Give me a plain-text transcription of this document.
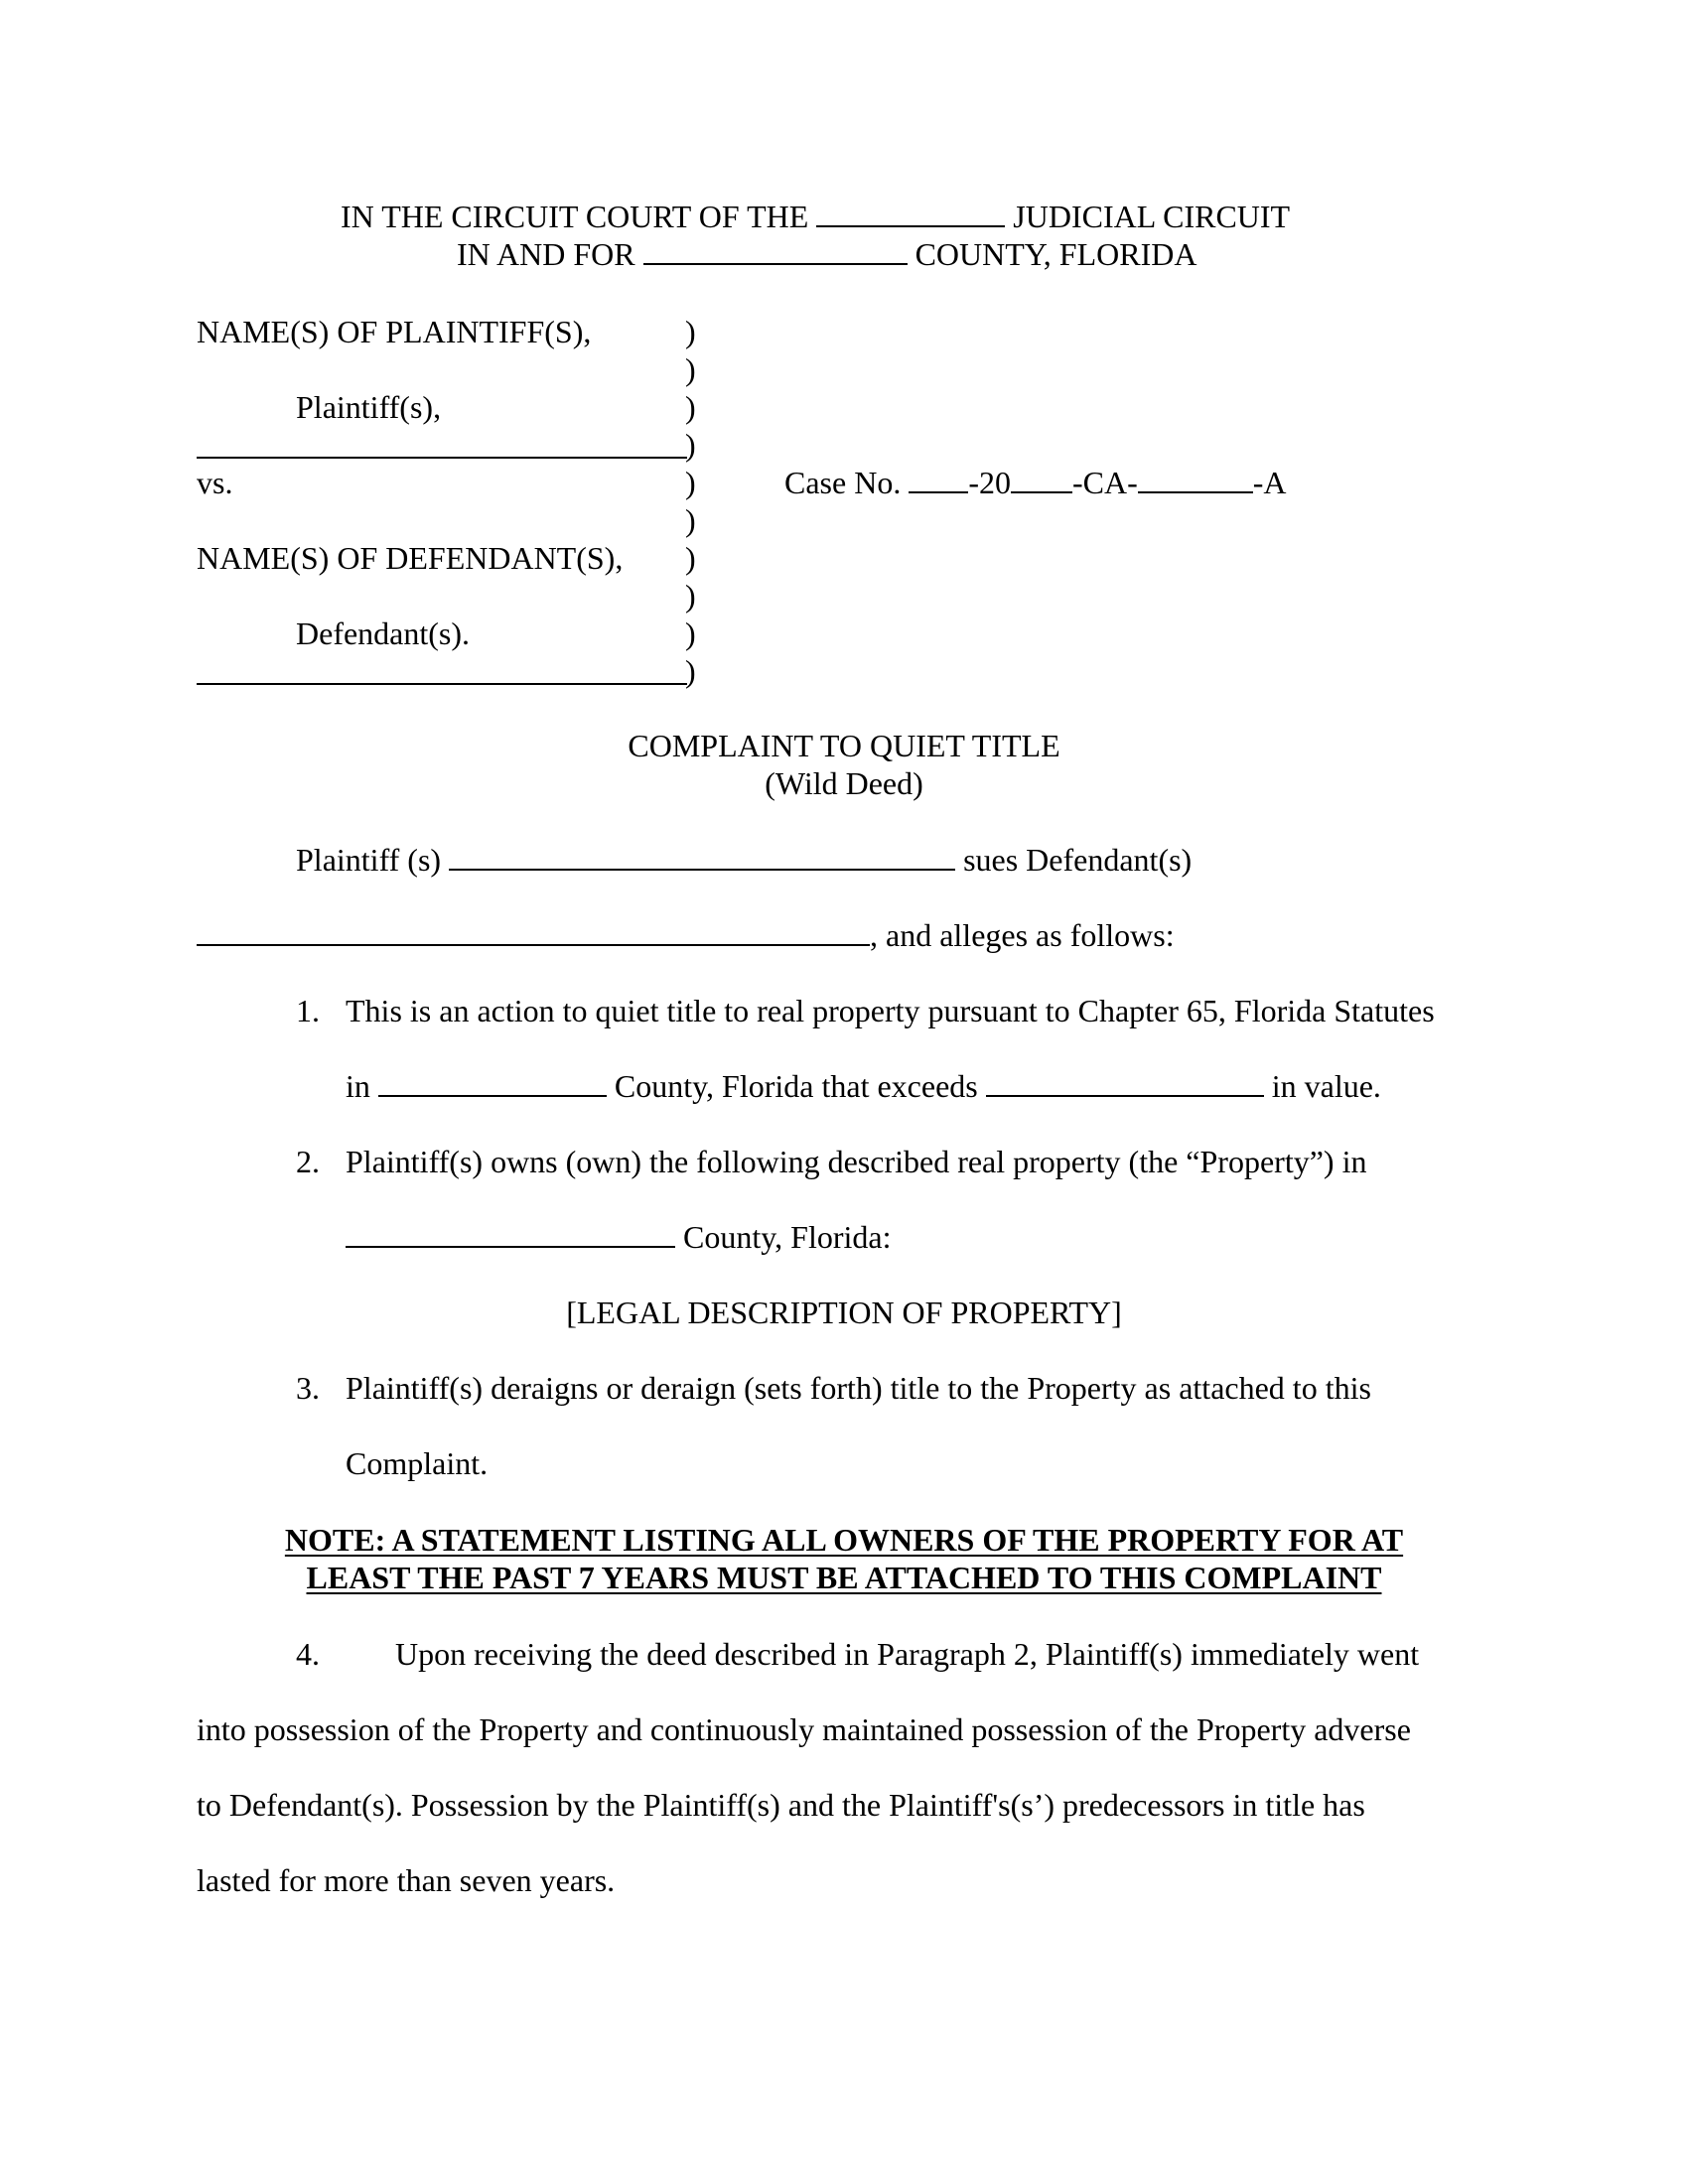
IN THE CIRCUIT COURT OF THE	JUDICIAL CIRCUIT
IN AND FOR	COUNTY, FLORIDA
NAME(S) OF PLAINTIFF(S),
Plaintiff(s),
vs.
NAME(S) OF DEFENDANT(S),
Defendant(s).
)
)
)
)
)
)
)
)
)
)
Case No. -20 -CA-	-A
COMPLAINT TO QUIET TITLE
(Wild Deed)
Plaintiff (s)	sues Defendant(s)
, and alleges as follows:
1. This is an action to quiet title to real property pursuant to Chapter 65, Florida Statutes
in	County, Florida that exceeds	in value.
2. Plaintiff(s) owns (own) the following described real property (the “Property”) in
County, Florida:
[LEGAL DESCRIPTION OF PROPERTY]
3. Plaintiff(s) deraigns or deraign (sets forth) title to the Property as attached to this
Complaint.
NOTE: A STATEMENT LISTING ALL OWNERS OF THE PROPERTY FOR AT
LEAST THE PAST 7 YEARS MUST BE ATTACHED TO THIS COMPLAINT
4. Upon receiving the deed described in Paragraph 2, Plaintiff(s) immediately went
into possession of the Property and continuously maintained possession of the Property adverse
to Defendant(s). Possession by the Plaintiff(s) and the Plaintiff's(s’) predecessors in title has
lasted for more than seven years.
